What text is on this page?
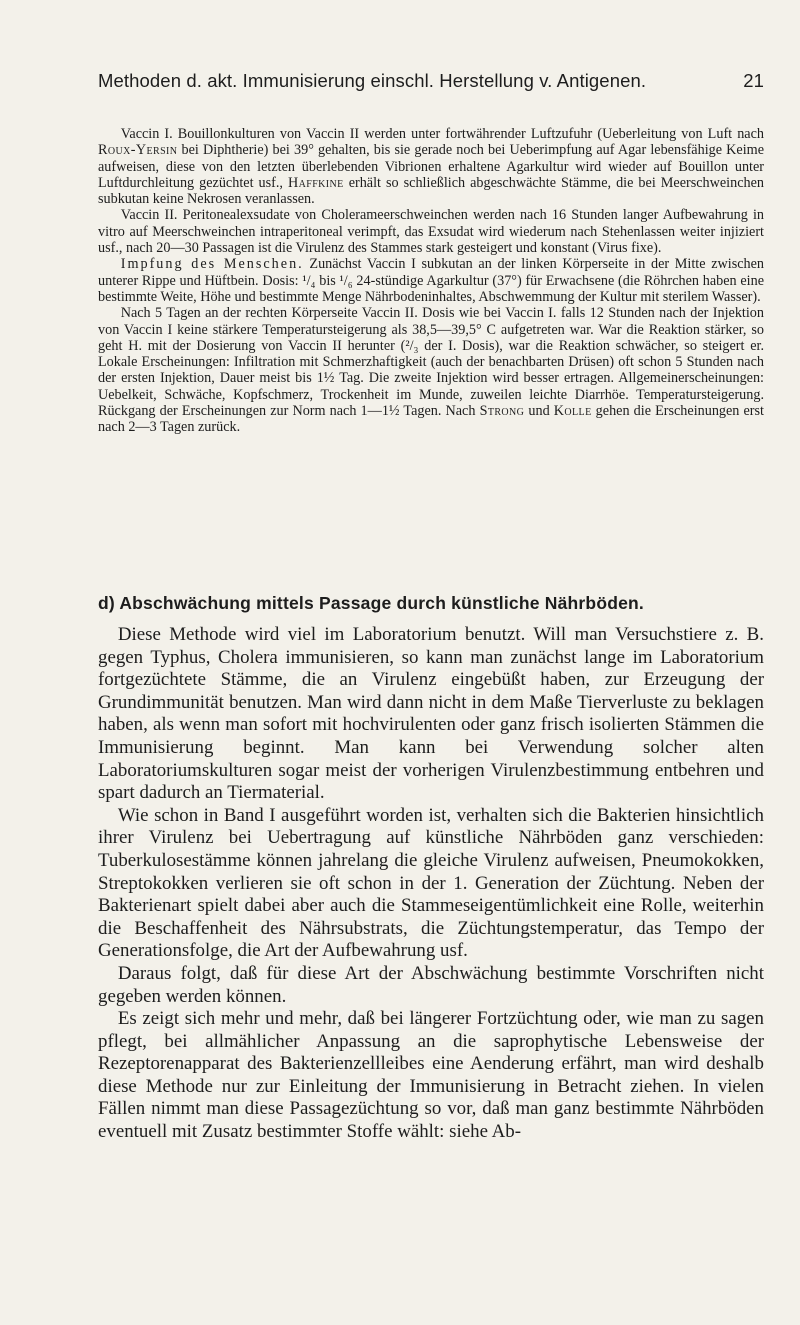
Methoden d. akt. Immunisierung einschl. Herstellung v. Antigenen.	21

Vaccin I. Bouillonkulturen von Vaccin II werden unter fortwährender Luftzufuhr (Ueberleitung von Luft nach Roux-Yersin bei Diphtherie) bei 39° gehalten, bis sie gerade noch bei Ueberimpfung auf Agar lebensfähige Keime aufweisen, diese von den letzten überlebenden Vibrionen erhaltene Agarkultur wird wieder auf Bouillon unter Luftdurchleitung gezüchtet usf., Haffkine erhält so schließlich abgeschwächte Stämme, die bei Meerschweinchen subkutan keine Nekrosen veranlassen.

Vaccin II. Peritonealexsudate von Cholerameerschweinchen werden nach 16 Stunden langer Aufbewahrung in vitro auf Meerschweinchen intraperitoneal verimpft, das Exsudat wird wiederum nach Stehenlassen weiter injiziert usf., nach 20—30 Passagen ist die Virulenz des Stammes stark gesteigert und konstant (Virus fixe).

Impfung des Menschen. Zunächst Vaccin I subkutan an der linken Körperseite in der Mitte zwischen unterer Rippe und Hüftbein. Dosis: ¹/₄ bis ¹/₆ 24-stündige Agarkultur (37°) für Erwachsene (die Röhrchen haben eine bestimmte Weite, Höhe und bestimmte Menge Nährbodeninhaltes, Abschwemmung der Kultur mit sterilem Wasser).

Nach 5 Tagen an der rechten Körperseite Vaccin II. Dosis wie bei Vaccin I. falls 12 Stunden nach der Injektion von Vaccin I keine stärkere Temperatursteigerung als 38,5—39,5° C aufgetreten war. War die Reaktion stärker, so geht H. mit der Dosierung von Vaccin II herunter (²/₃ der I. Dosis), war die Reaktion schwächer, so steigert er. Lokale Erscheinungen: Infiltration mit Schmerzhaftigkeit (auch der benachbarten Drüsen) oft schon 5 Stunden nach der ersten Injektion, Dauer meist bis 1½ Tag. Die zweite Injektion wird besser ertragen. Allgemeinerscheinungen: Uebelkeit, Schwäche, Kopfschmerz, Trockenheit im Munde, zuweilen leichte Diarrhöe. Temperatursteigerung. Rückgang der Erscheinungen zur Norm nach 1—1½ Tagen. Nach Strong und Kolle gehen die Erscheinungen erst nach 2—3 Tagen zurück.

d) Abschwächung mittels Passage durch künstliche Nährböden.

Diese Methode wird viel im Laboratorium benutzt. Will man Versuchstiere z. B. gegen Typhus, Cholera immunisieren, so kann man zunächst lange im Laboratorium fortgezüchtete Stämme, die an Virulenz eingebüßt haben, zur Erzeugung der Grundimmunität benutzen. Man wird dann nicht in dem Maße Tierverluste zu beklagen haben, als wenn man sofort mit hochvirulenten oder ganz frisch isolierten Stämmen die Immunisierung beginnt. Man kann bei Verwendung solcher alten Laboratoriumskulturen sogar meist der vorherigen Virulenzbestimmung entbehren und spart dadurch an Tiermaterial.

Wie schon in Band I ausgeführt worden ist, verhalten sich die Bakterien hinsichtlich ihrer Virulenz bei Uebertragung auf künstliche Nährböden ganz verschieden: Tuberkulosestämme können jahrelang die gleiche Virulenz aufweisen, Pneumokokken, Streptokokken verlieren sie oft schon in der 1. Generation der Züchtung. Neben der Bakterienart spielt dabei aber auch die Stammeseigentümlichkeit eine Rolle, weiterhin die Beschaffenheit des Nährsubstrats, die Züchtungstemperatur, das Tempo der Generationsfolge, die Art der Aufbewahrung usf.

Daraus folgt, daß für diese Art der Abschwächung bestimmte Vorschriften nicht gegeben werden können.

Es zeigt sich mehr und mehr, daß bei längerer Fortzüchtung oder, wie man zu sagen pflegt, bei allmählicher Anpassung an die saprophytische Lebensweise der Rezeptorenapparat des Bakterienzellleibes eine Aenderung erfährt, man wird deshalb diese Methode nur zur Einleitung der Immunisierung in Betracht ziehen. In vielen Fällen nimmt man diese Passagezüchtung so vor, daß man ganz bestimmte Nährböden eventuell mit Zusatz bestimmter Stoffe wählt: siehe Ab-
